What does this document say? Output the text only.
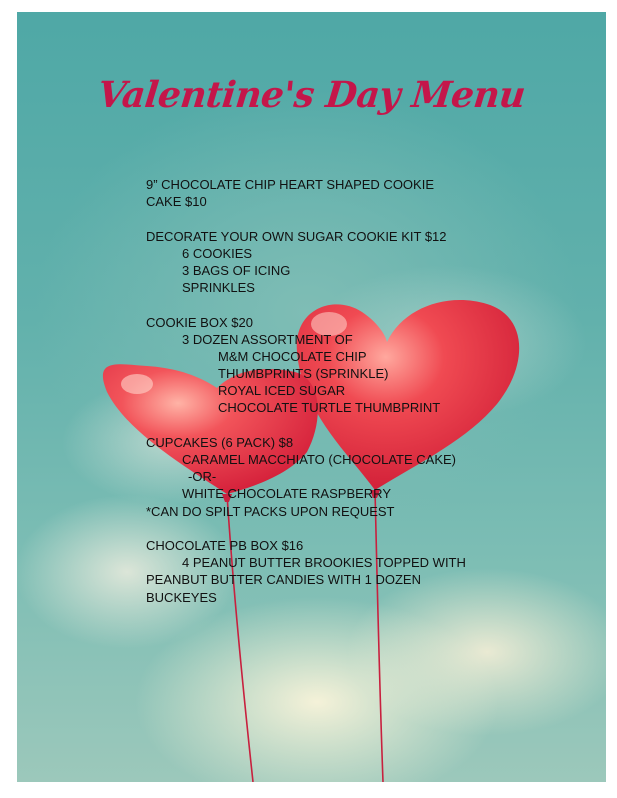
Valentine's Day Menu
9” CHOCOLATE CHIP HEART SHAPED COOKIE
CAKE $10
DECORATE YOUR OWN SUGAR COOKIE KIT $12
6 COOKIES
3 BAGS OF ICING
SPRINKLES
COOKIE BOX $20
3 DOZEN ASSORTMENT OF
M&M CHOCOLATE CHIP
THUMBPRINTS (SPRINKLE)
ROYAL ICED SUGAR
CHOCOLATE TURTLE THUMBPRINT
CUPCAKES (6 PACK) $8
CARAMEL MACCHIATO (CHOCOLATE CAKE)
-OR-
WHITE CHOCOLATE RASPBERRY
*CAN DO SPILT PACKS UPON REQUEST
CHOCOLATE PB BOX $16
4 PEANUT BUTTER BROOKIES TOPPED WITH
PEANBUT BUTTER CANDIES WITH 1 DOZEN
BUCKEYES
